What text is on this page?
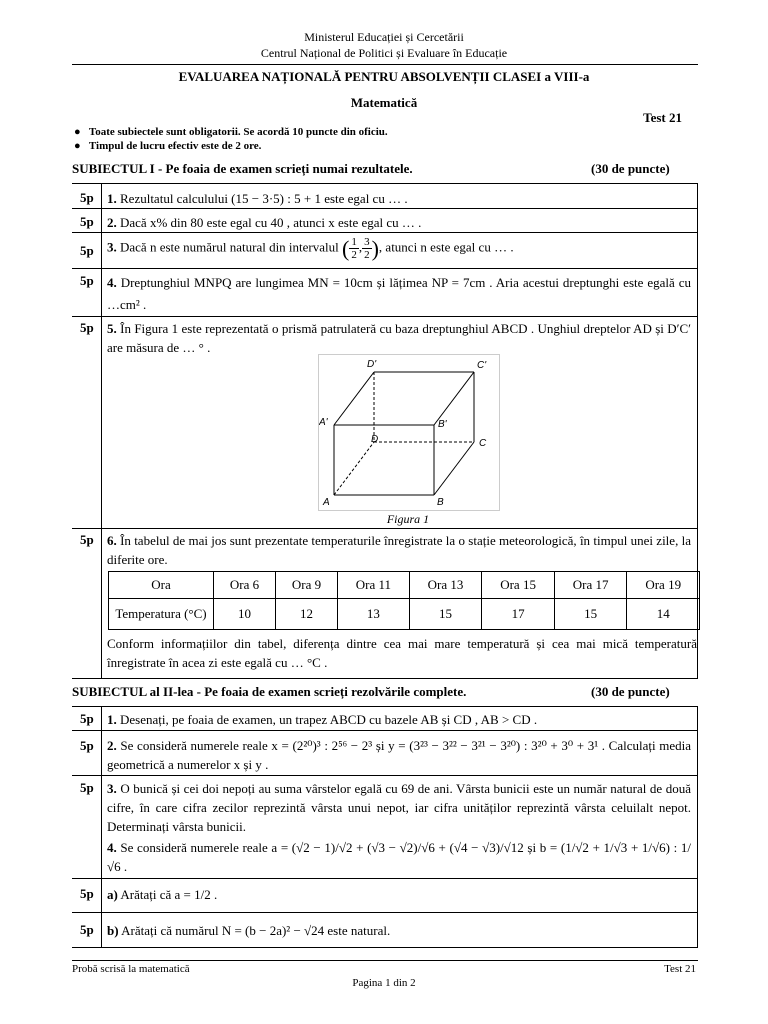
Ministerul Educației și Cercetării
Centrul Național de Politici și Evaluare în Educație
EVALUAREA NAȚIONALĂ PENTRU ABSOLVENȚII CLASEI a VIII-a
Matematică
Test 21
● Toate subiectele sunt obligatorii. Se acordă 10 puncte din oficiu.
● Timpul de lucru efectiv este de 2 ore.
SUBIECTUL I - Pe foaia de examen scrieți numai rezultatele.	(30 de puncte)
5p 1. Rezultatul calculului (15 − 3·5) : 5 + 1 este egal cu … .
5p 2. Dacă x% din 80 este egal cu 40 , atunci x este egal cu … .
5p 3. Dacă n este numărul natural din intervalul ( $\frac{1}{2}$ , $\frac{3}{2}$ ), atunci n este egal cu … .
5p 4. Dreptunghiul MNPQ are lungimea MN = 10cm și lățimea NP = 7cm . Aria acestui dreptunghi este egală cu …cm² .
5p 5. În Figura 1 este reprezentată o prismă patrulateră cu baza dreptunghiul ABCD . Unghiul dreptelor AD și D′C′ are măsura de … ° .
D'	C'
A'	B'
D	C
A	B
Figura 1
5p 6. În tabelul de mai jos sunt prezentate temperaturile înregistrate la o stație meteorologică, în timpul unei zile, la diferite ore.
Ora	Ora 6	Ora 9	Ora 11	Ora 13	Ora 15	Ora 17	Ora 19
Temperatura (°C)	10	12	13	15	17	15	14
Conform informațiilor din tabel, diferența dintre cea mai mare temperatură și cea mai mică temperatură înregistrate în acea zi este egală cu … °C .
SUBIECTUL al II-lea - Pe foaia de examen scrieți rezolvările complete.	(30 de puncte)
5p 1. Desenați, pe foaia de examen, un trapez ABCD cu bazele AB și CD , AB > CD .
5p 2. Se consideră numerele reale x = (2²⁰)³ : 2⁵⁶ − 2³ și y = (3²³ − 3²² − 3²¹ − 3²⁰) : 3²⁰ + 3⁰ + 3¹ . Calculați media geometrică a numerelor x și y .
5p 3. O bunică și cei doi nepoți au suma vârstelor egală cu 69 de ani. Vârsta bunicii este un număr natural de două cifre, în care cifra zecilor reprezintă vârsta unui nepot, iar cifra unităților reprezintă vârsta celuilalt nepot. Determinați vârsta bunicii.
4. Se consideră numerele reale a = (√2 − 1)/√2 + (√3 − √2)/√6 + (√4 − √3)/√12 și b = (1/√2 + 1/√3 + 1/√6) : 1/√6 .
5p a) Arătați că a = 1/2 .
5p b) Arătați că numărul N = (b − 2a)² − √24 este natural.
Probă scrisă la matematică	Test 21
Pagina 1 din 2
